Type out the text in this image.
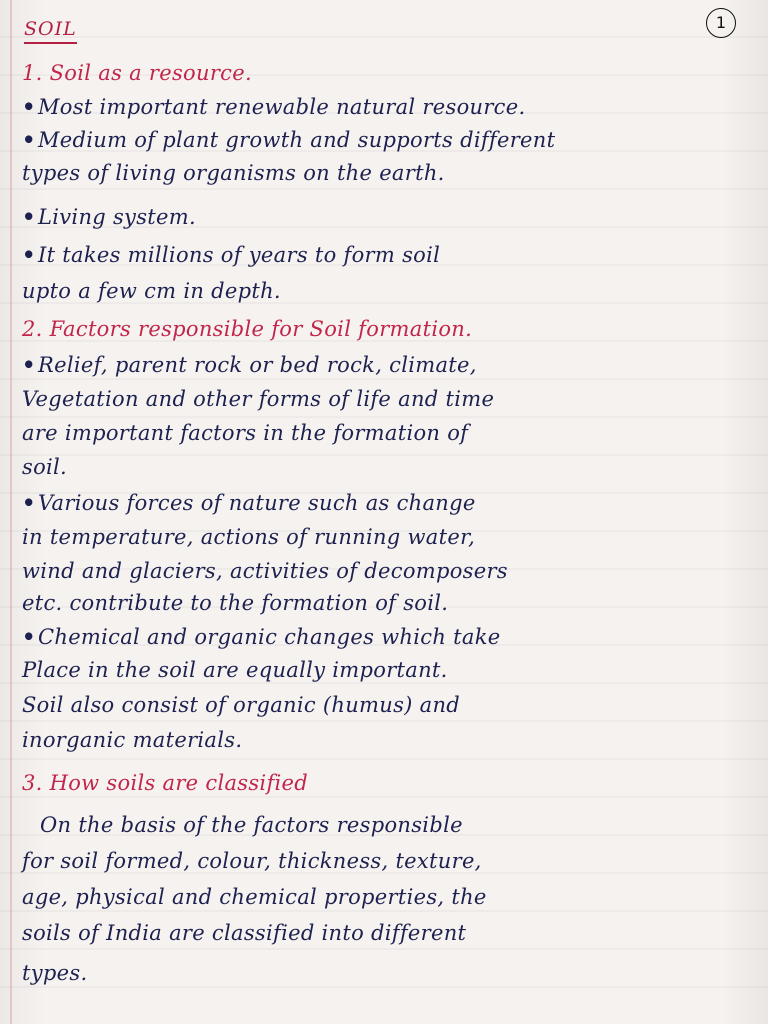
1
SOIL
1. Soil as a resource.
• Most important renewable natural resource.
• Medium of plant growth and supports different
types of living organisms on the earth.
• Living system.
• It takes millions of years to form soil
upto a few cm in depth.
2. Factors responsible for Soil formation.
• Relief, parent rock or bed rock, climate,
Vegetation and other forms of life and time
are important factors in the formation of
soil.
• Various forces of nature such as change
in temperature, actions of running water,
wind and glaciers, activities of decomposers
etc. contribute to the formation of soil.
• Chemical and organic changes which take
Place in the soil are equally important.
Soil also consist of organic (humus) and
inorganic materials.
3. How soils are classified
On the basis of the factors responsible
for soil formed, colour, thickness, texture,
age, physical and chemical properties, the
soils of India are classified into different
types.
